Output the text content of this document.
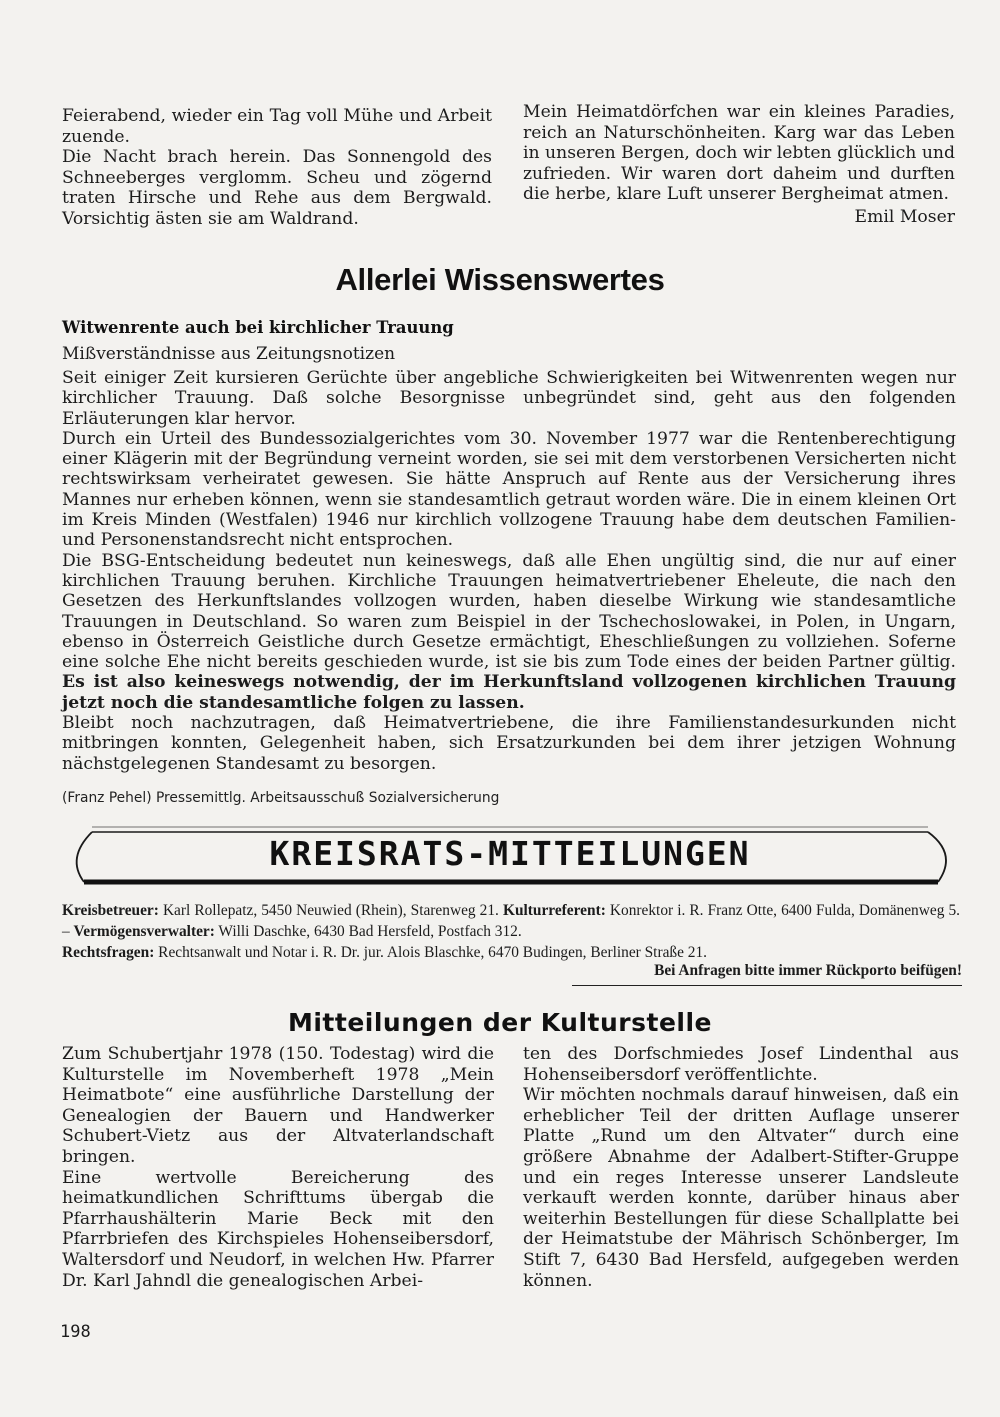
Feierabend, wieder ein Tag voll Mühe und Arbeit zuende.

Die Nacht brach herein. Das Sonnengold des Schneeberges verglomm. Scheu und zögernd traten Hirsche und Rehe aus dem Bergwald. Vorsichtig ästen sie am Waldrand.

Mein Heimatdörfchen war ein kleines Paradies, reich an Naturschönheiten. Karg war das Leben in unseren Bergen, doch wir lebten glücklich und zufrieden. Wir waren dort daheim und durften die herbe, klare Luft unserer Bergheimat atmen.

Emil Moser

Allerlei Wissenswertes
Witwenrente auch bei kirchlicher Trauung
Mißverständnisse aus Zeitungsnotizen

Seit einiger Zeit kursieren Gerüchte über angebliche Schwierigkeiten bei Witwenrenten wegen nur kirchlicher Trauung. Daß solche Besorgnisse unbegründet sind, geht aus den folgenden Erläuterungen klar hervor.

Durch ein Urteil des Bundessozialgerichtes vom 30. November 1977 war die Rentenberechtigung einer Klägerin mit der Begründung verneint worden, sie sei mit dem verstorbenen Versicherten nicht rechtswirksam verheiratet gewesen. Sie hätte Anspruch auf Rente aus der Versicherung ihres Mannes nur erheben können, wenn sie standesamtlich getraut worden wäre. Die in einem kleinen Ort im Kreis Minden (Westfalen) 1946 nur kirchlich vollzogene Trauung habe dem deutschen Familien- und Personenstandsrecht nicht entsprochen.

Die BSG-Entscheidung bedeutet nun keineswegs, daß alle Ehen ungültig sind, die nur auf einer kirchlichen Trauung beruhen. Kirchliche Trauungen heimatvertriebener Eheleute, die nach den Gesetzen des Herkunftslandes vollzogen wurden, haben dieselbe Wirkung wie standesamtliche Trauungen in Deutschland. So waren zum Beispiel in der Tschechoslowakei, in Polen, in Ungarn, ebenso in Österreich Geistliche durch Gesetze ermächtigt, Eheschließungen zu vollziehen. Soferne eine solche Ehe nicht bereits geschieden wurde, ist sie bis zum Tode eines der beiden Partner gültig. Es ist also keineswegs notwendig, der im Herkunftsland vollzogenen kirchlichen Trauung jetzt noch die standesamtliche folgen zu lassen.

Bleibt noch nachzutragen, daß Heimatvertriebene, die ihre Familienstandesurkunden nicht mitbringen konnten, Gelegenheit haben, sich Ersatzurkunden bei dem ihrer jetzigen Wohnung nächstgelegenen Standesamt zu besorgen.

(Franz Pehel) Pressemittlg. Arbeitsausschuß Sozialversicherung
KREISRATS-MITTEILUNGEN

Kreisbetreuer: Karl Rollepatz, 5450 Neuwied (Rhein), Starenweg 21. Kulturreferent: Konrektor i. R. Franz Otte, 6400 Fulda, Domänenweg 5. – Vermögensverwalter: Willi Daschke, 6430 Bad Hersfeld, Postfach 312.

Rechtsfragen: Rechtsanwalt und Notar i. R. Dr. jur. Alois Blaschke, 6470 Budingen, Berliner Straße 21.

Bei Anfragen bitte immer Rückporto beifügen!
Mitteilungen der Kulturstelle

Zum Schubertjahr 1978 (150. Todestag) wird die Kulturstelle im Novemberheft 1978 „Mein Heimatbote“ eine ausführliche Darstellung der Genealogien der Bauern und Handwerker Schubert-Vietz aus der Altvaterlandschaft bringen.

Eine wertvolle Bereicherung des heimatkundlichen Schrifttums übergab die Pfarrhaushälterin Marie Beck mit den Pfarrbriefen des Kirchspieles Hohenseibersdorf, Waltersdorf und Neudorf, in welchen Hw. Pfarrer Dr. Karl Jahndl die genealogischen Arbei-

ten des Dorfschmiedes Josef Lindenthal aus Hohenseibersdorf veröffentlichte.

Wir möchten nochmals darauf hinweisen, daß ein erheblicher Teil der dritten Auflage unserer Platte „Rund um den Altvater“ durch eine größere Abnahme der Adalbert-Stifter-Gruppe und ein reges Interesse unserer Landsleute verkauft werden konnte, darüber hinaus aber weiterhin Bestellungen für diese Schallplatte bei der Heimatstube der Mährisch Schönberger, Im Stift 7, 6430 Bad Hersfeld, aufgegeben werden können.

198
